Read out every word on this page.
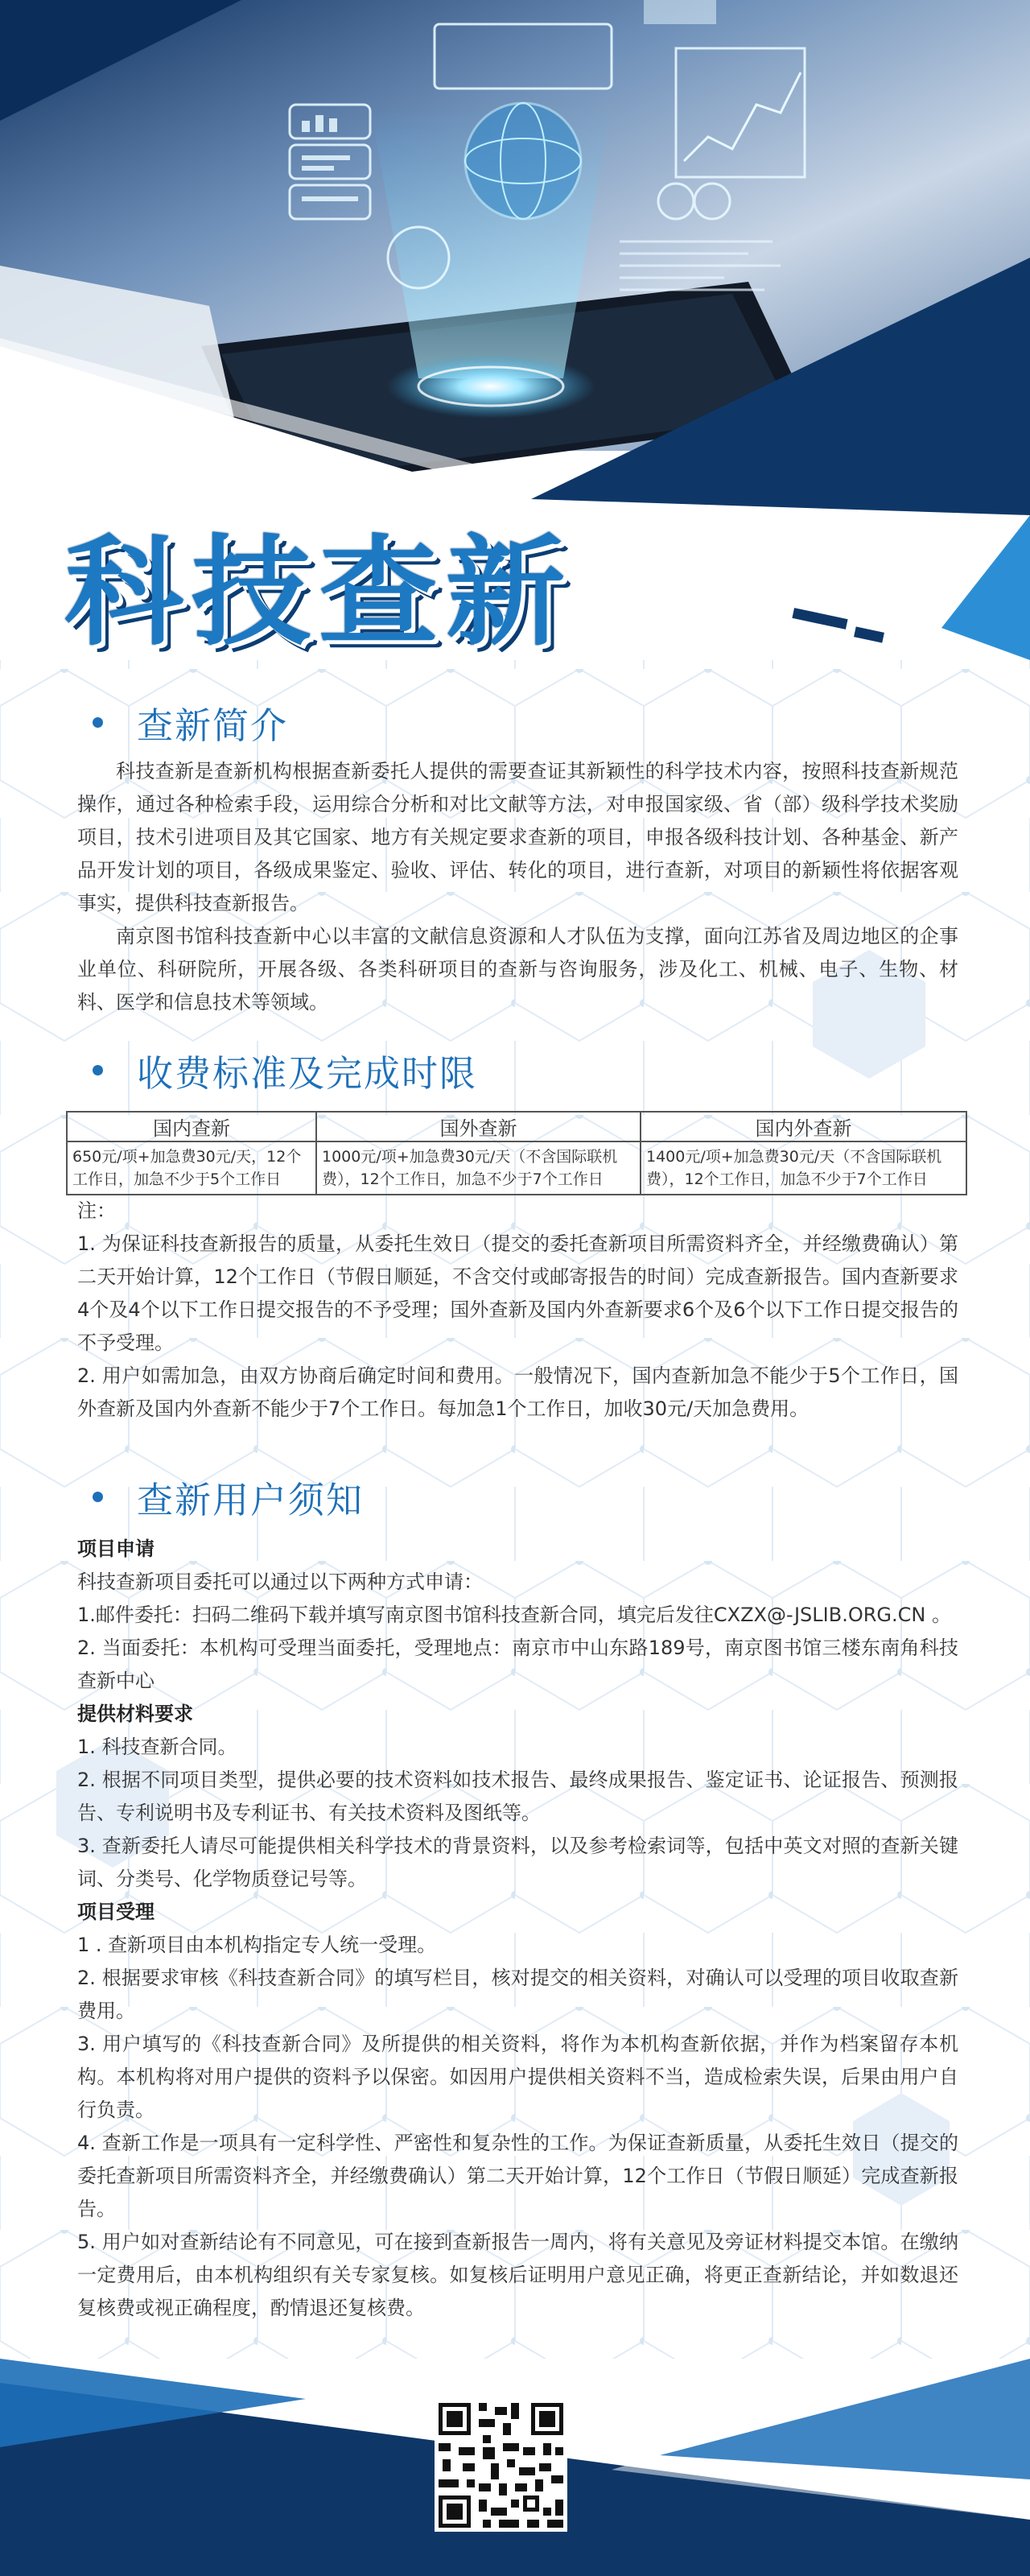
科技查新
查新简介

科技查新是查新机构根据查新委托人提供的需要查证其新颖性的科学技术内容，按照科技查新规范操作，通过各种检索手段，运用综合分析和对比文献等方法，对申报国家级、省（部）级科学技术奖励项目，技术引进项目及其它国家、地方有关规定要求查新的项目，申报各级科技计划、各种基金、新产品开发计划的项目，各级成果鉴定、验收、评估、转化的项目，进行查新，对项目的新颖性将依据客观事实，提供科技查新报告。

南京图书馆科技查新中心以丰富的文献信息资源和人才队伍为支撑，面向江苏省及周边地区的企事业单位、科研院所，开展各级、各类科研项目的查新与咨询服务，涉及化工、机械、电子、生物、材料、医学和信息技术等领域。

收费标准及完成时限
国内查新	国外查新	国内外查新
650元/项+加急费30元/天，12个工作日，加急不少于5个工作日	1000元/项+加急费30元/天（不含国际联机费），12个工作日，加急不少于7个工作日	1400元/项+加急费30元/天（不含国际联机费），12个工作日，加急不少于7个工作日

注：

1. 为保证科技查新报告的质量，从委托生效日（提交的委托查新项目所需资料齐全，并经缴费确认）第二天开始计算，12个工作日（节假日顺延，不含交付或邮寄报告的时间）完成查新报告。国内查新要求4个及4个以下工作日提交报告的不予受理；国外查新及国内外查新要求6个及6个以下工作日提交报告的不予受理。

2. 用户如需加急，由双方协商后确定时间和费用。一般情况下，国内查新加急不能少于5个工作日，国外查新及国内外查新不能少于7个工作日。每加急1个工作日，加收30元/天加急费用。

查新用户须知

项目申请

科技查新项目委托可以通过以下两种方式申请：

1.邮件委托：扫码二维码下载并填写南京图书馆科技查新合同，填完后发往CXZX@-JSLIB.ORG.CN 。

2. 当面委托：本机构可受理当面委托，受理地点：南京市中山东路189号，南京图书馆三楼东南角科技查新中心

提供材料要求

1. 科技查新合同。

2. 根据不同项目类型，提供必要的技术资料如技术报告、最终成果报告、鉴定证书、论证报告、预测报告、专利说明书及专利证书、有关技术资料及图纸等。

3. 查新委托人请尽可能提供相关科学技术的背景资料，以及参考检索词等，包括中英文对照的查新关键词、分类号、化学物质登记号等。

项目受理

1 . 查新项目由本机构指定专人统一受理。

2. 根据要求审核《科技查新合同》的填写栏目，核对提交的相关资料，对确认可以受理的项目收取查新费用。

3. 用户填写的《科技查新合同》及所提供的相关资料，将作为本机构查新依据，并作为档案留存本机构。本机构将对用户提供的资料予以保密。如因用户提供相关资料不当，造成检索失误，后果由用户自行负责。

4. 查新工作是一项具有一定科学性、严密性和复杂性的工作。为保证查新质量，从委托生效日（提交的委托查新项目所需资料齐全，并经缴费确认）第二天开始计算，12个工作日（节假日顺延）完成查新报告。

5. 用户如对查新结论有不同意见，可在接到查新报告一周内，将有关意见及旁证材料提交本馆。在缴纳一定费用后，由本机构组织有关专家复核。如复核后证明用户意见正确，将更正查新结论，并如数退还复核费或视正确程度，酌情退还复核费。
